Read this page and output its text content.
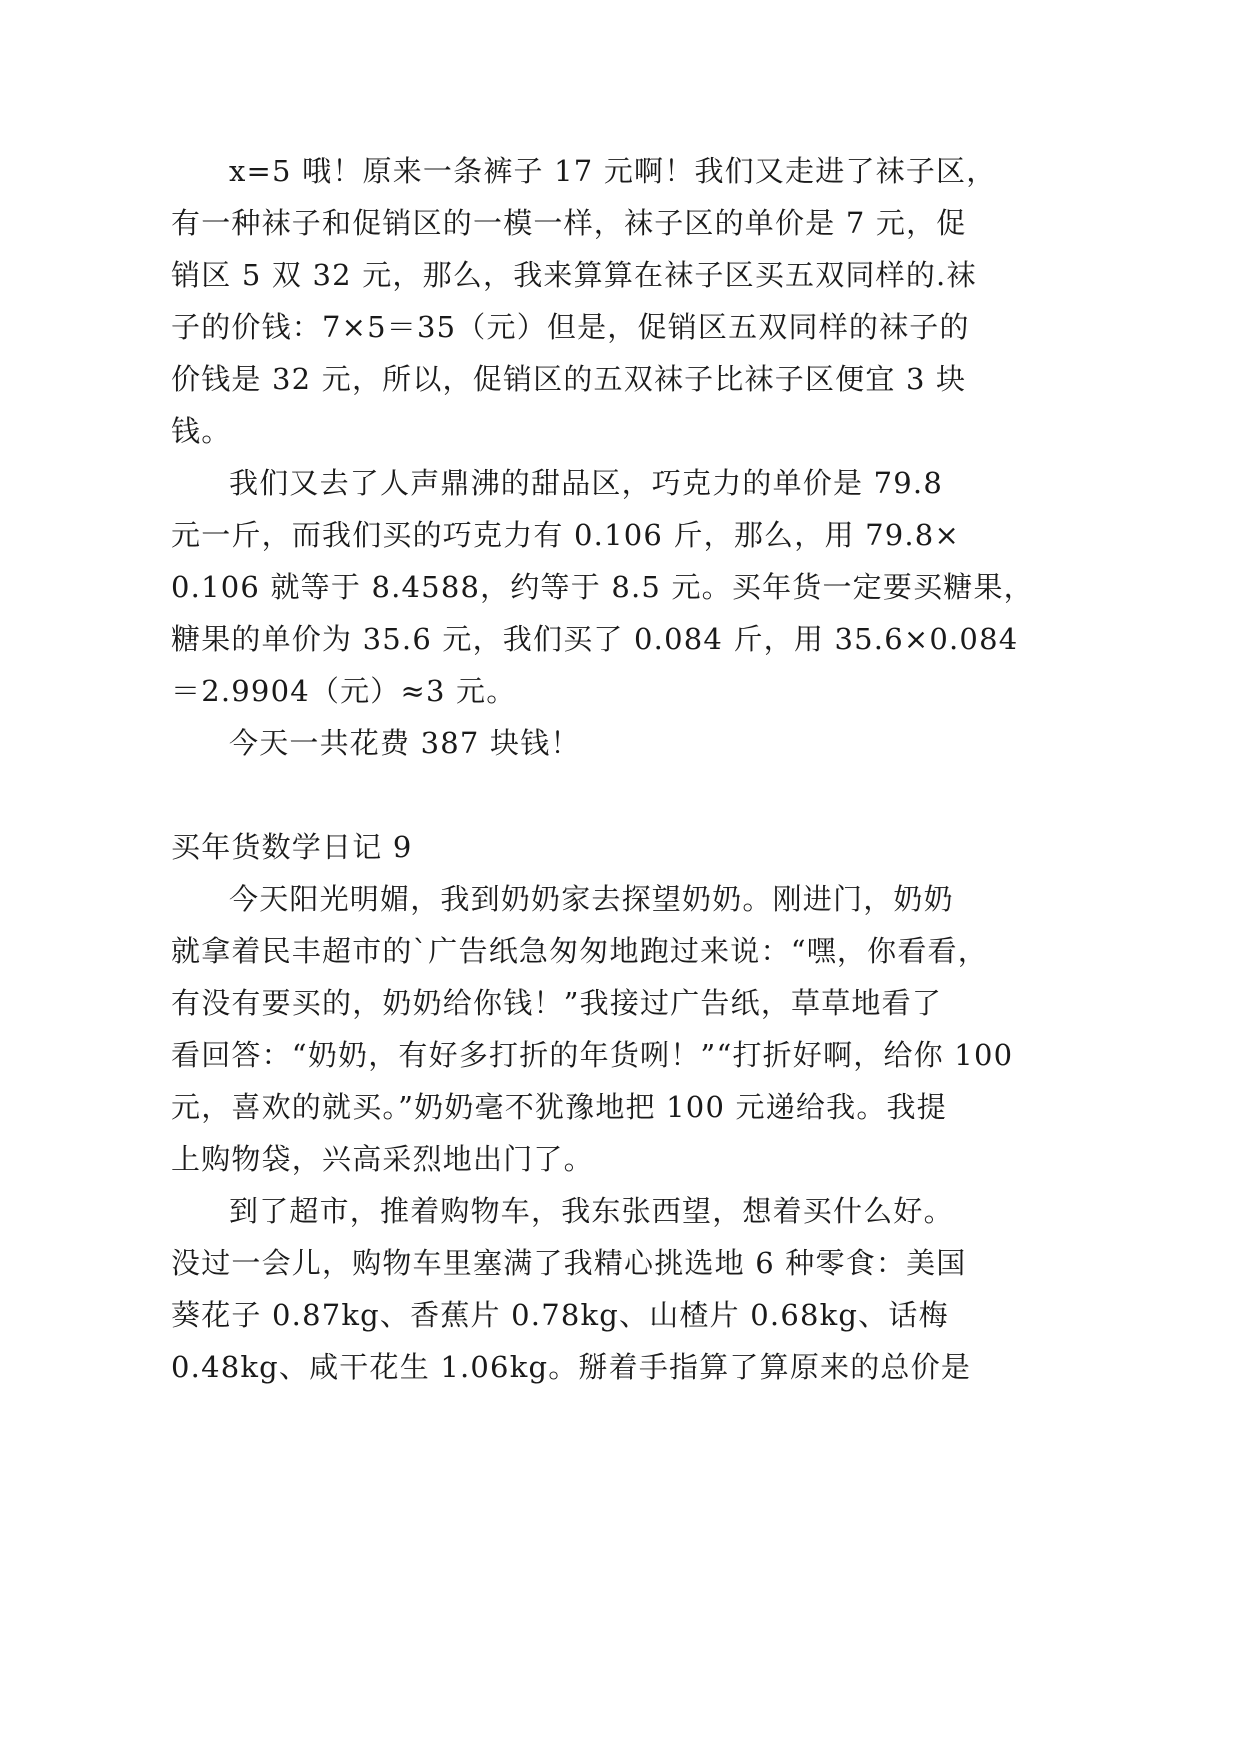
x=5 哦！原来一条裤子 17 元啊！我们又走进了袜子区，
有一种袜子和促销区的一模一样，袜子区的单价是 7 元，促
销区 5 双 32 元，那么，我来算算在袜子区买五双同样的.袜
子的价钱：7×5＝35（元）但是，促销区五双同样的袜子的
价钱是 32 元，所以，促销区的五双袜子比袜子区便宜 3 块
钱。
我们又去了人声鼎沸的甜品区，巧克力的单价是 79.8
元一斤，而我们买的巧克力有 0.106 斤，那么，用 79.8×
0.106 就等于 8.4588，约等于 8.5 元。买年货一定要买糖果，
糖果的单价为 35.6 元，我们买了 0.084 斤，用 35.6×0.084
＝2.9904（元）≈3 元。
今天一共花费 387 块钱！
买年货数学日记 9
今天阳光明媚，我到奶奶家去探望奶奶。刚进门，奶奶
就拿着民丰超市的`广告纸急匆匆地跑过来说：“嘿，你看看，
有没有要买的，奶奶给你钱！”我接过广告纸，草草地看了
看回答：“奶奶，有好多打折的年货咧！”“打折好啊，给你 100
元，喜欢的就买。”奶奶毫不犹豫地把 100 元递给我。我提
上购物袋，兴高采烈地出门了。
到了超市，推着购物车，我东张西望，想着买什么好。
没过一会儿，购物车里塞满了我精心挑选地 6 种零食：美国
葵花子 0.87kg、香蕉片 0.78kg、山楂片 0.68kg、话梅
0.48kg、咸干花生 1.06kg。掰着手指算了算原来的总价是
